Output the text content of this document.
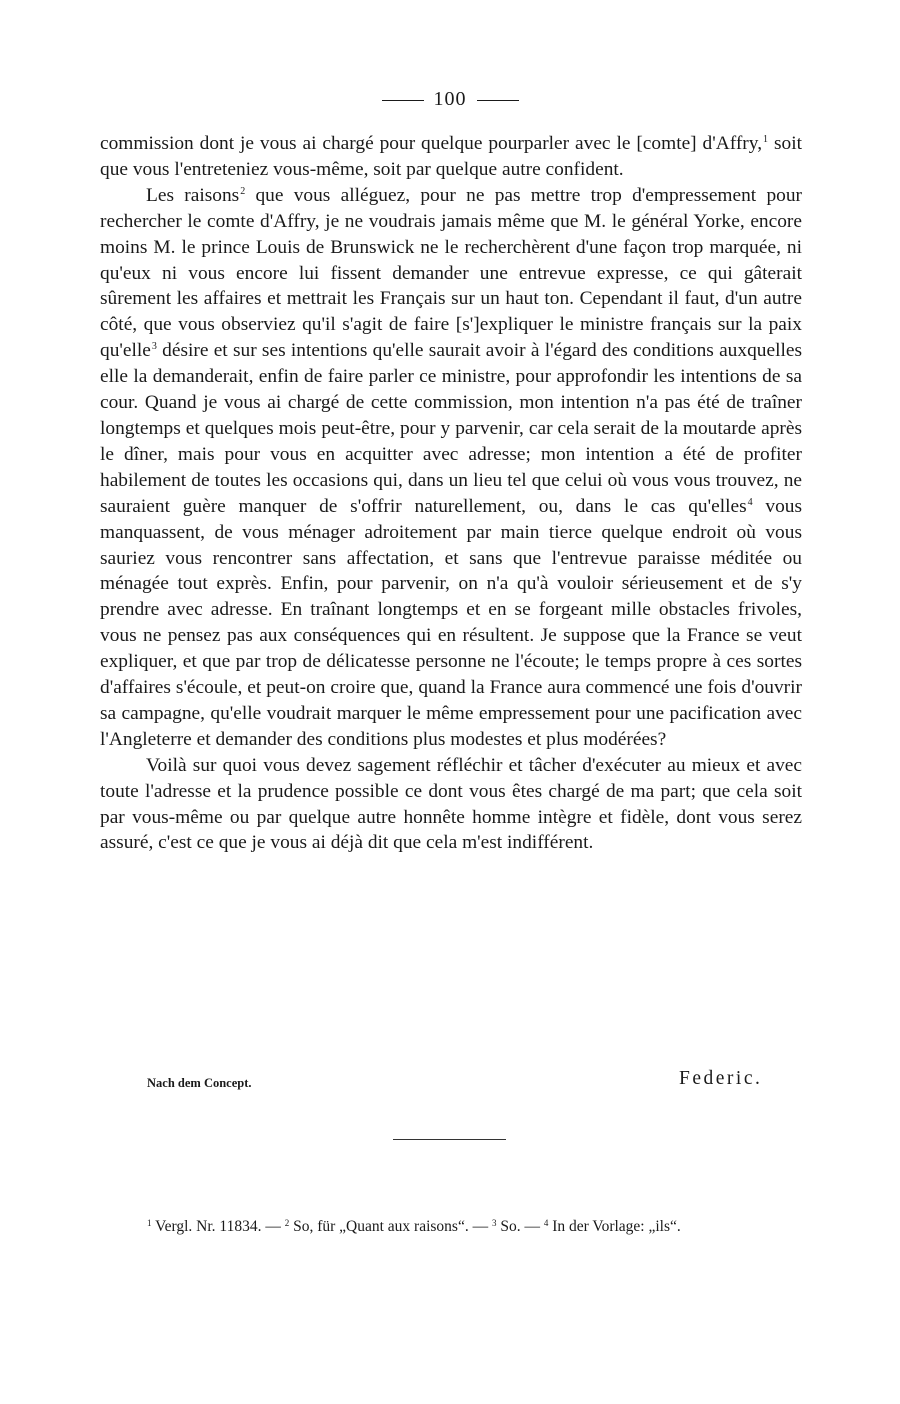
100

commission dont je vous ai chargé pour quelque pourparler avec le [comte] d'Affry,$^1$ soit que vous l'entreteniez vous-même, soit par quelque autre confident.

Les raisons$^2$ que vous alléguez, pour ne pas mettre trop d'empressement pour rechercher le comte d'Affry, je ne voudrais jamais même que M. le général Yorke, encore moins M. le prince Louis de Brunswick ne le recherchèrent d'une façon trop marquée, ni qu'eux ni vous encore lui fissent demander une entrevue expresse, ce qui gâterait sûrement les affaires et mettrait les Français sur un haut ton. Cependant il faut, d'un autre côté, que vous observiez qu'il s'agit de faire [s']expliquer le ministre français sur la paix qu'elle$^3$ désire et sur ses intentions qu'elle saurait avoir à l'égard des conditions auxquelles elle la demanderait, enfin de faire parler ce ministre, pour approfondir les intentions de sa cour. Quand je vous ai chargé de cette commission, mon intention n'a pas été de traîner longtemps et quelques mois peut-être, pour y parvenir, car cela serait de la moutarde après le dîner, mais pour vous en acquitter avec adresse; mon intention a été de profiter habilement de toutes les occasions qui, dans un lieu tel que celui où vous vous trouvez, ne sauraient guère manquer de s'offrir naturellement, ou, dans le cas qu'elles$^4$ vous manquassent, de vous ménager adroitement par main tierce quelque endroit où vous sauriez vous rencontrer sans affectation, et sans que l'entrevue paraisse méditée ou ménagée tout exprès. Enfin, pour parvenir, on n'a qu'à vouloir sérieusement et de s'y prendre avec adresse. En traînant longtemps et en se forgeant mille obstacles frivoles, vous ne pensez pas aux conséquences qui en résultent. Je suppose que la France se veut expliquer, et que par trop de délicatesse personne ne l'écoute; le temps propre à ces sortes d'affaires s'écoule, et peut-on croire que, quand la France aura commencé une fois d'ouvrir sa campagne, qu'elle voudrait marquer le même empressement pour une pacification avec l'Angleterre et demander des conditions plus modestes et plus modérées?

Voilà sur quoi vous devez sagement réfléchir et tâcher d'exécuter au mieux et avec toute l'adresse et la prudence possible ce dont vous êtes chargé de ma part; que cela soit par vous-même ou par quelque autre honnête homme intègre et fidèle, dont vous serez assuré, c'est ce que je vous ai déjà dit que cela m'est indifférent.

Nach dem Concept.	Federic.
$^1$ Vergl. Nr. 11834. — $^2$ So, für „Quant aux raisons“. — $^3$ So. — $^4$ In der Vorlage: „ils“.
